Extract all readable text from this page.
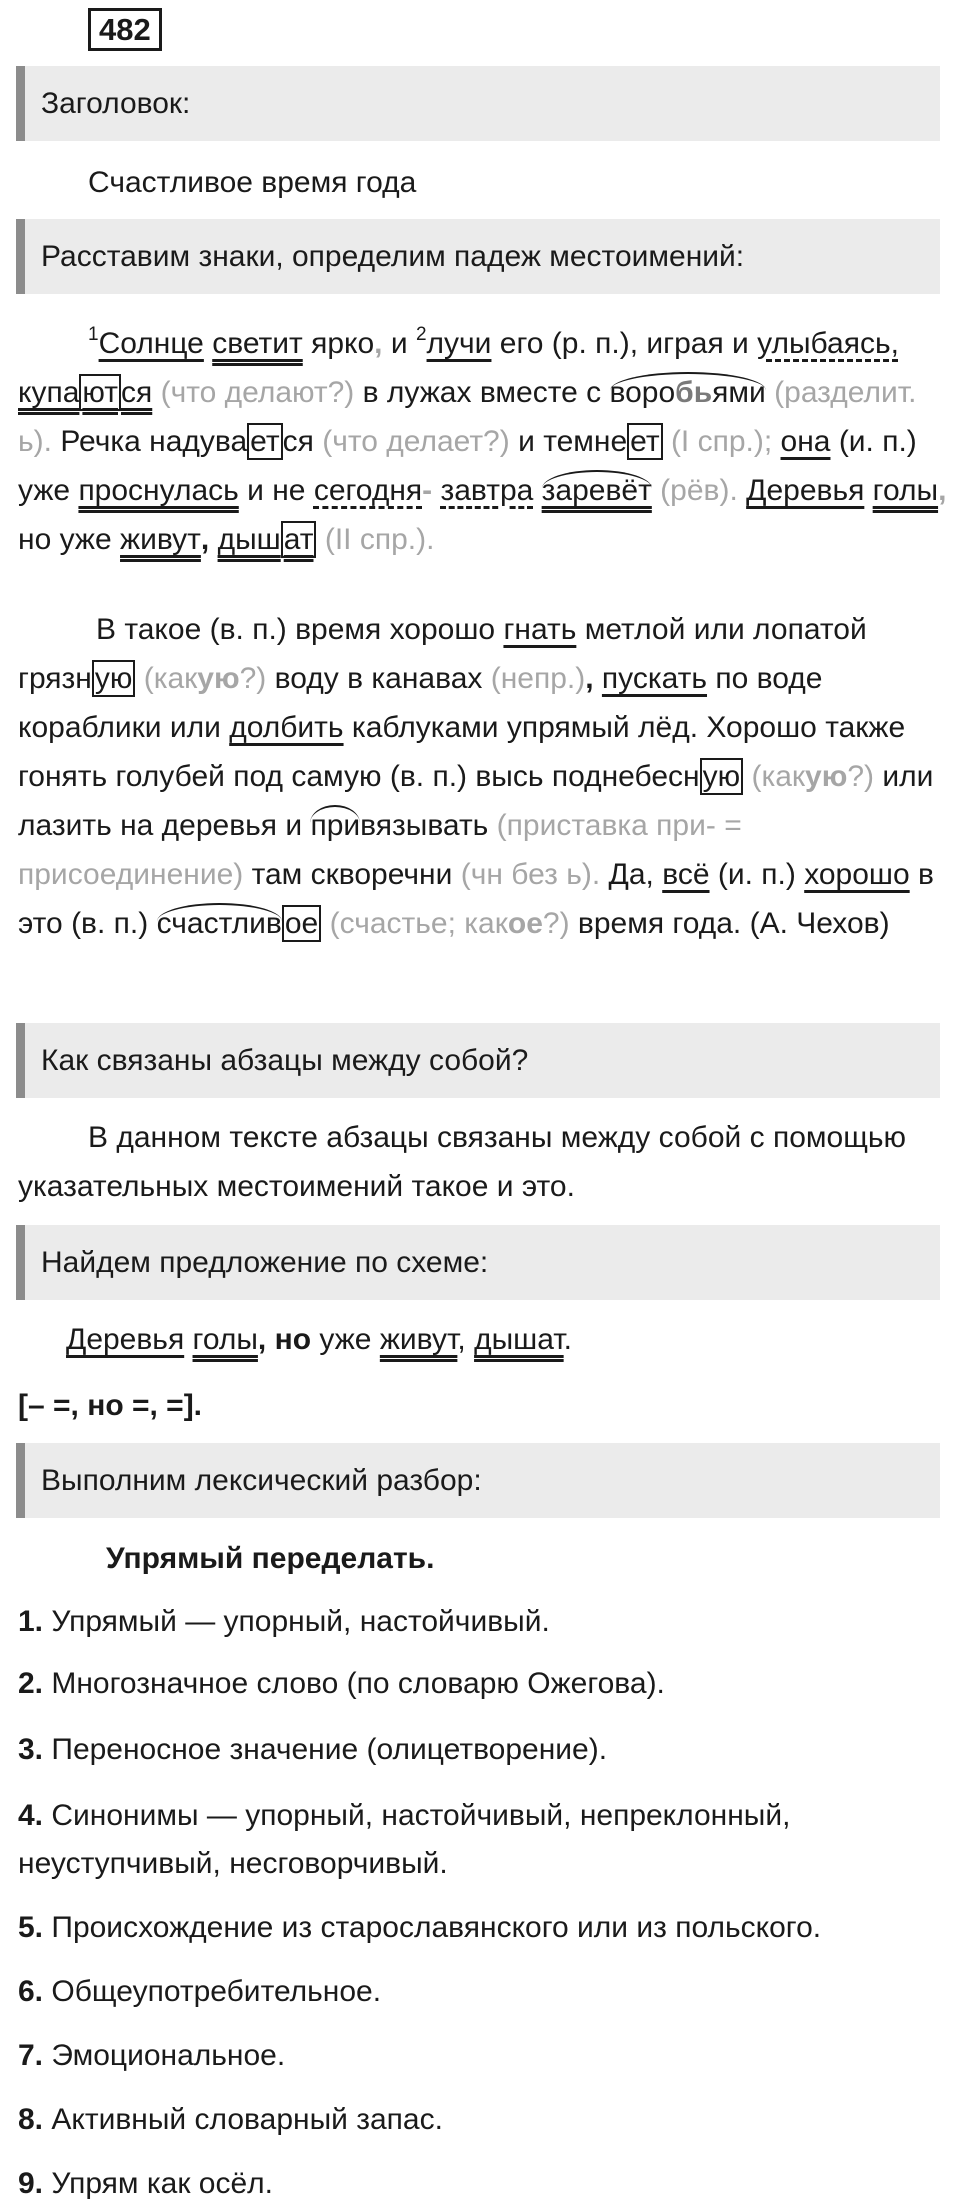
482
Заголовок:
Счастливое время года
Расставим знаки, определим падеж местоимений:
$^1$Солнце светит ярко, и $^2$лучи его (р. п.), играя и улыбаясь, купа ют ся (что делают?) в лужах вместе с воробьями (разделит. ь). Речка надува ет ся (что делает?) и темне ет (I спр.); она (и. п.) уже проснулась и не сегодня- завтра заревёт (рёв). Деревья голы, но уже живут, дыш ат (II спр.).
В такое (в. п.) время хорошо гнать метлой или лопатой грязн ую (какую?) воду в канавах (непр.), пускать по воде кораблики или долбить каблуками упрямый лёд. Хорошо также гонять голубей под самую (в. п.) высь поднебесн ую (какую?) или лазить на деревья и привязывать (приставка при- = присоединение) там скворечни (чн без ь). Да, всё (и. п.) хорошо в это (в. п.) счастлив ое (счастье; какое?) время года. (А. Чехов)
Как связаны абзацы между собой?
В данном тексте абзацы связаны между собой с помощью указательных местоимений такое и это.
Найдем предложение по схеме:
Деревья голы, но уже живут, дышат.
[– =, но =, =].
Выполним лексический разбор:
Упрямый переделать.
1. Упрямый — упорный, настойчивый.
2. Многозначное слово (по словарю Ожегова).
3. Переносное значение (олицетворение).
4. Синонимы — упорный, настойчивый, непреклонный, неуступчивый, несговорчивый.
5. Происхождение из старославянского или из польского.
6. Общеупотребительное.
7. Эмоциональное.
8. Активный словарный запас.
9. Упрям как осёл.
